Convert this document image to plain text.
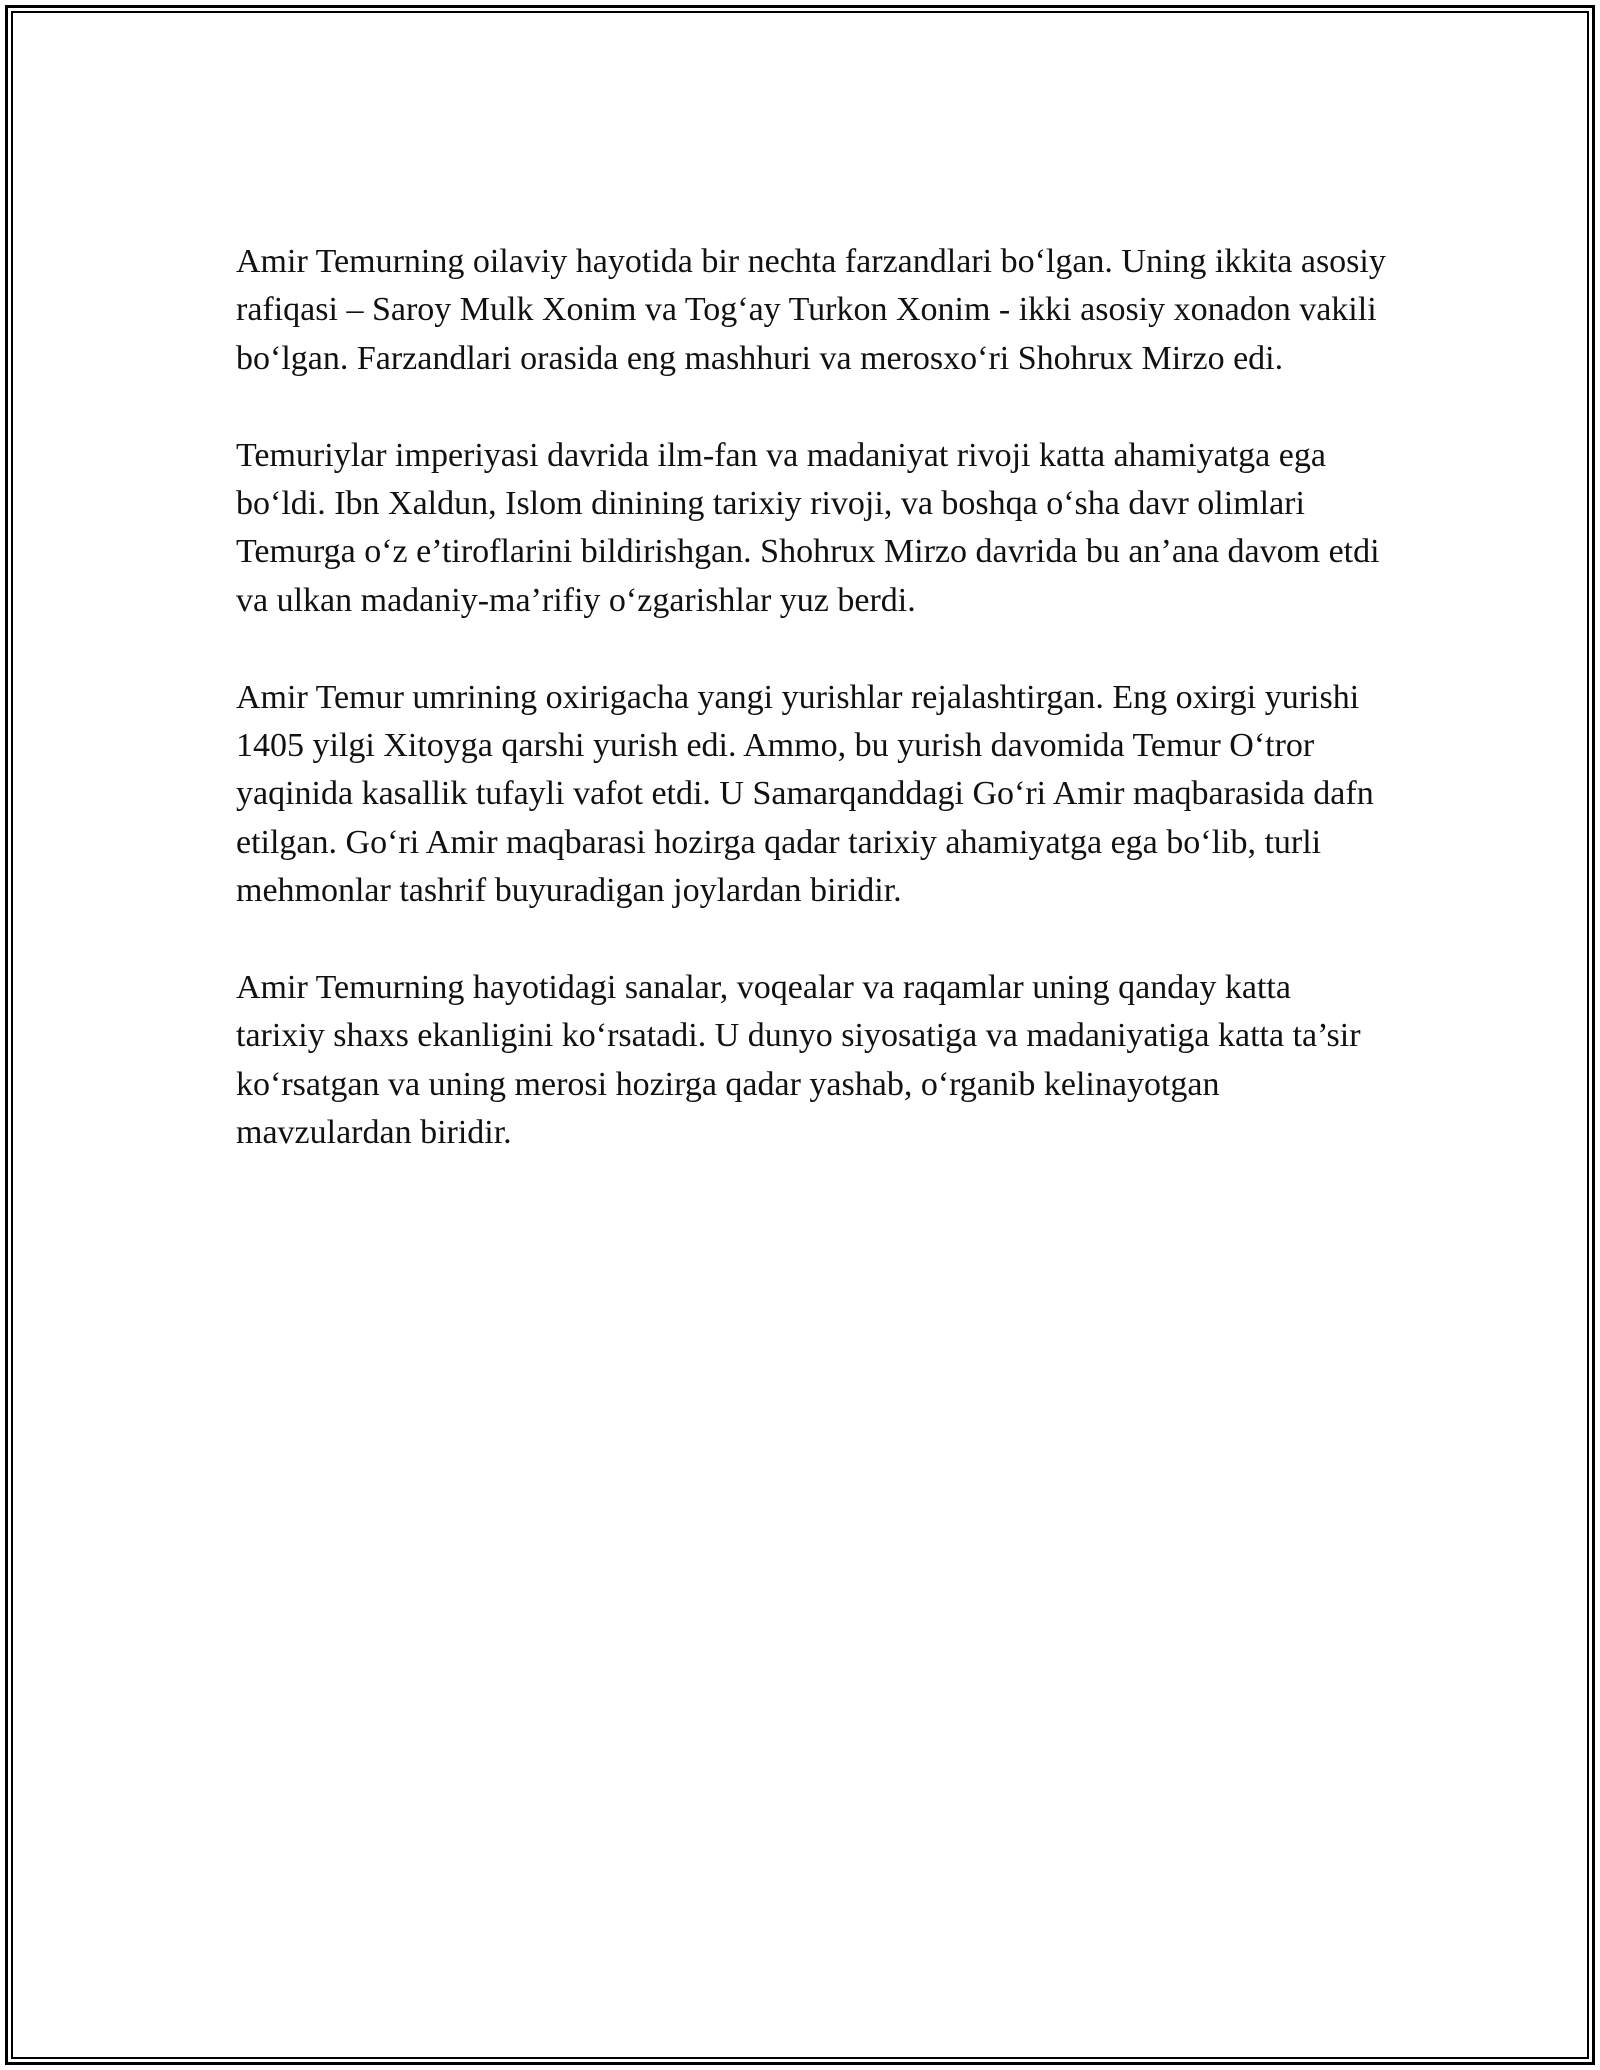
Amir Temurning oilaviy hayotida bir nechta farzandlari bo‘lgan. Uning ikkita asosiy rafiqasi – Saroy Mulk Xonim va Tog‘ay Turkon Xonim - ikki asosiy xonadon vakili bo‘lgan. Farzandlari orasida eng mashhuri va merosxo‘ri Shohrux Mirzo edi.

Temuriylar imperiyasi davrida ilm-fan va madaniyat rivoji katta ahamiyatga ega bo‘ldi. Ibn Xaldun, Islom dinining tarixiy rivoji, va boshqa o‘sha davr olimlari Temurga o‘z e’tiroflarini bildirishgan. Shohrux Mirzo davrida bu an’ana davom etdi va ulkan madaniy-ma’rifiy o‘zgarishlar yuz berdi.

Amir Temur umrining oxirigacha yangi yurishlar rejalashtirgan. Eng oxirgi yurishi 1405 yilgi Xitoyga qarshi yurish edi. Ammo, bu yurish davomida Temur O‘tror yaqinida kasallik tufayli vafot etdi. U Samarqanddagi Go‘ri Amir maqbarasida dafn etilgan. Go‘ri Amir maqbarasi hozirga qadar tarixiy ahamiyatga ega bo‘lib, turli mehmonlar tashrif buyuradigan joylardan biridir.

Amir Temurning hayotidagi sanalar, voqealar va raqamlar uning qanday katta tarixiy shaxs ekanligini ko‘rsatadi. U dunyo siyosatiga va madaniyatiga katta ta’sir ko‘rsatgan va uning merosi hozirga qadar yashab, o‘rganib kelinayotgan mavzulardan biridir.
